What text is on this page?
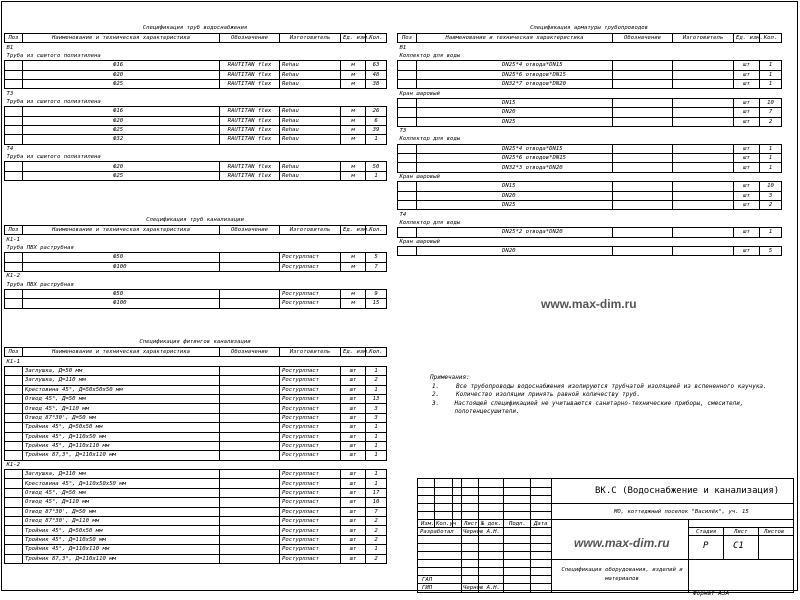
Спецификация труб водоснабжения
Поз	Наименование и техническая характеристика	Обозначение	Изготовитель	Ед. изм.	Кол.
В1					
Труба из сшитого полиэтилена					
	Ф16	RAUTITAN flex	Rehau	м	63
	Ф20	RAUTITAN flex	Rehau	м	48
	Ф25	RAUTITAN flex	Rehau	м	38
Т3					
Труба из сшитого полиэтилена					
	Ф16	RAUTITAN flex	Rehau	м	26
	Ф20	RAUTITAN flex	Rehau	м	6
	Ф25	RAUTITAN flex	Rehau	м	39
	Ф32	RAUTITAN flex	Rehau	м	1
Т4					
Труба из сшитого полиэтилена					
	Ф20	RAUTITAN flex	Rehau	м	50
	Ф25	RAUTITAN flex	Rehau	м	1
Спецификация труб канализации
Поз	Наименование и техническая характеристика	Обозначение	Изготовитель	Ед. изм.	Кол.
К1-1					
Труба ПВХ раструбная					
	Ф50		Ростурпласт	м	5
	Ф100		Ростурпласт	м	7
К1-2					
Труба ПВХ раструбная					
	Ф50		Ростурпласт	м	9
	Ф100		Ростурпласт	м	15
Спецификация фитингов канализации
Поз	Наименование и техническая характеристика	Обозначение	Изготовитель	Ед. изм.	Кол.
К1-1					
	Заглушка, Д=50 мм		Ростурпласт	шт	1
	Заглушка, Д=110 мм		Ростурпласт	шт	2
	Крестовина 45°, Д=50х50х50 мм		Ростурпласт	шт	1
	Отвод 45°, Д=50 мм		Ростурпласт	шт	13
	Отвод 45°, Д=110 мм		Ростурпласт	шт	3
	Отвод 87°30', Д=50 мм		Ростурпласт	шт	3
	Тройник 45°, Д=50х50 мм		Ростурпласт	шт	1
	Тройник 45°, Д=110х50 мм		Ростурпласт	шт	1
	Тройник 45°, Д=110х110 мм		Ростурпласт	шт	1
	Тройник 87,3°, Д=110х110 мм		Ростурпласт	шт	1
К1-2					
	Заглушка, Д=110 мм		Ростурпласт	шт	1
	Крестовина 45°, Д=110х50х50 мм		Ростурпласт	шт	1
	Отвод 45°, Д=50 мм		Ростурпласт	шт	17
	Отвод 45°, Д=110 мм		Ростурпласт	шт	10
	Отвод 87°30', Д=50 мм		Ростурпласт	шт	7
	Отвод 87°30', Д=110 мм		Ростурпласт	шт	2
	Тройник 45°, Д=50х50 мм		Ростурпласт	шт	2
	Тройник 45°, Д=110х50 мм		Ростурпласт	шт	2
	Тройник 45°, Д=110х110 мм		Ростурпласт	шт	1
	Тройник 87,3°, Д=110х110 мм		Ростурпласт	шт	2
Спецификация арматуры трубопроводов
Поз	Наименование и техническая характеристика	Обозначение	Изготовитель	Ед. изм.	Кол.
В1					
Коллектор для воды					
	DN25*4 отвода*DN15			шт	1
	DN25*6 отводов*DN15			шт	1
	DN32*7 отводов*DN20			шт	1
Кран шаровый					
	DN15			шт	10
	DN20			шт	7
	DN25			шт	2
Т3					
Коллектор для воды					
	DN25*4 отвода*DN15			шт	1
	DN25*6 отводов*DN15			шт	1
	DN32*3 отвода*DN20			шт	1
Кран шаровый					
	DN15			шт	10
	DN20			шт	3
	DN25			шт	2
Т4					
Коллектор для воды					
	DN25*2 отвода*DN20			шт	1
Кран шаровый					
	DN20			шт	5
www.max-dim.ru
Примечания:
1.	Все трубопроводы водоснабжения изолируются трубчатой изоляцией из вспененного каучука.
2.	Количество изоляции принять равной количеству труб.
3.	Настоящей спецификацией не учитываются санитарно-технические приборы, смесители, полотенцесушители.
Изм. Кол.уч Лист № док. Подп. Дата
Разработал Чернов А.Н.
ГАП
ГИП	Чернов А.Н.
ВК.С (Водоснабжение и канализация)
МО, коттеджный поселок "Василёк", уч. 15
www.max-dim.ru
Стадия	Лист	Листов
Р	С1
Спецификация оборудования, изделий и материалов
Формат А3А
